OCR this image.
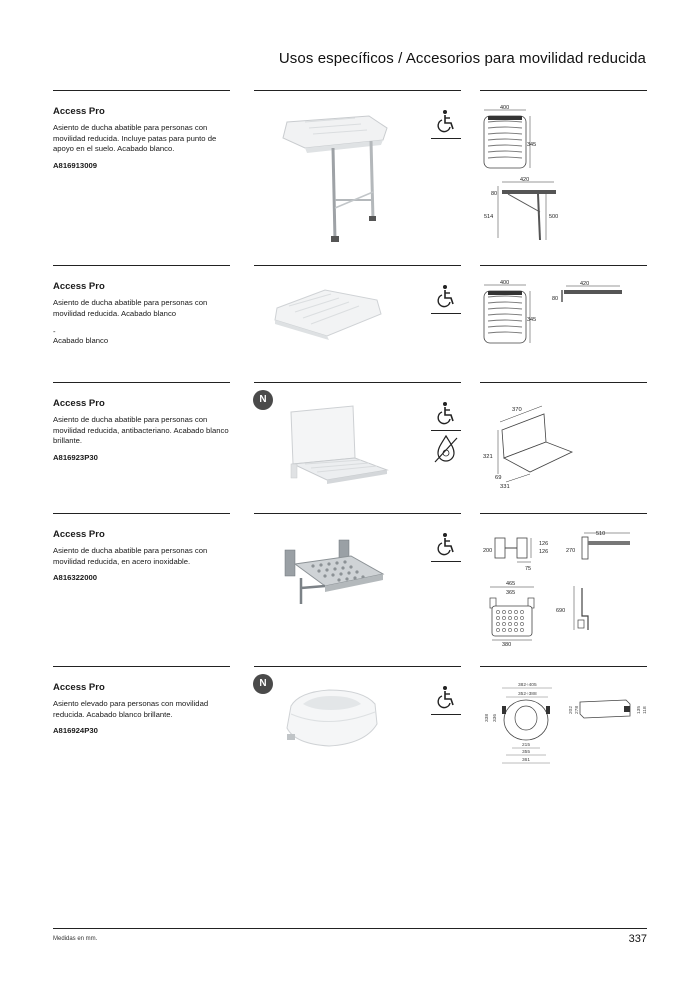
Usos específicos / Accesorios para movilidad reducida
Access Pro

Asiento de ducha abatible para personas con movilidad reducida. Incluye patas para punto de apoyo en el suelo. Acabado blanco.

A816913009
400
345
420
80
514	500
Access Pro

Asiento de ducha abatible para personas con movilidad reducida. Acabado blanco

-
Acabado blanco
400
345
420
80
N
Access Pro

Asiento de ducha abatible para personas con movilidad reducida, antibacteriano. Acabado blanco brillante.

A816923P30
370
321
69
331
Access Pro

Asiento de ducha abatible para personas con movilidad reducida, en acero inoxidable.

A816322000
200
126
126
75
510
270
465
365
380
690
N
Access Pro

Asiento elevado para personas con movilidad reducida. Acabado blanco brillante.

A816924P30
382÷405
352÷388
338 336
215
355
361
202 278	135 118
Medidas en mm.	337
